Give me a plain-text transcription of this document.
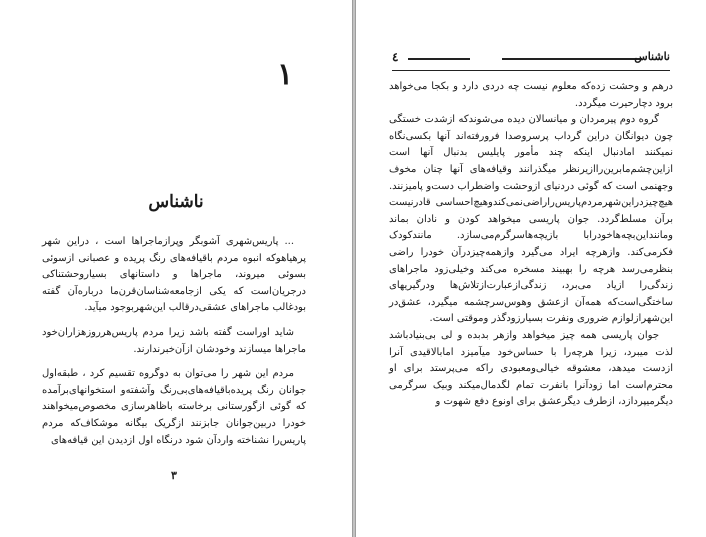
۱
ناشناس

... پاریس‌شهری آشوبگر وپرازماجراها است ، دراین شهر پرهیاهوکه انبوه مردم باقیافه‌های رنگ پریده و عصبانی ازسوئی بسوئی میروند، ماجراها و داستانهای بسیاروحشتناکی درجریان‌است که یکی ازجامعه‌شناسان‌قرن‌ما درباره‌آن گفته بودغالب ماجراهای عشقی‌درقالب این‌شهربوجود میآید.

شاید اوراست گفته باشد زیرا مردم پاریس‌هرروزهزاران‌خود ماجراها میسازند وخودشان ازآن‌خبرندارند.

مردم این شهر را می‌توان به دوگروه تقسیم کرد ، طبقه‌اول جوانان رنگ پریده‌باقیافه‌های‌بی‌رنگ وآشفته‌و استخوانهای‌برآمده که گوئی ازگورستانی برخاسته باظاهرسازی مخصوص‌میخواهند خودرا دربین‌جوانان جابزنند ازگریک بیگانه موشکاف‌که مردم پاریس‌را نشناخته واردآن شود درنگاه اول ازدیدن این قیافه‌های

۳
٤	ناشناس

درهم و وحشت زده‌که معلوم نیست چه دردی دارد و بکجا می‌خواهد برود دچارحیرت میگردد.

گروه دوم پیرمردان و میانسالان دیده می‌شوندکه ازشدت خستگی چون دیوانگان دراین گرداب پرسروصدا فرورفته‌اند آنها بکسی‌نگاه نمیکنند امادنبال اینکه چند مأمور پایلیس بدنبال آنها است ازاین‌چشم‌مابرین‌راازیرنظر میگذرانند وقیافه‌های آنها چنان مخوف وجهنمی است که گوئی دردنیای ازوحشت واضطراب دست‌و پامیزنند. هیچ‌چیزدراین‌شهرمردم‌پاریس‌راراضی‌نمی‌کندوهیچ‌احساسی قادرنیست برآن مسلط‌گردد. جوان پاریسی میخواهد کودن و نادان بماند وماننداین‌بچه‌هاخودرابا بازیچه‌هاسرگرم‌می‌سازد. مانندکودک فکرمی‌کند. وازهرچه ایراد می‌گیرد وازهمه‌چیزدرآن خودرا راضی بنظرمی‌رسد هرچه را بهبیند مسخره می‌کند وخیلی‌زود ماجراهای زندگی‌را ازیاد می‌برد، زندگی‌ازعبارت‌ازتلاش‌ها ودرگیریهای ساختگی‌است‌که همه‌آن ازعشق وهوس‌سرچشمه میگیرد، عشق‌در این‌شهرازلوازم ضروری ونفرت بسیارزودگذر وموقتی است.

جوان پاریسی همه چیز میخواهد وازهر بدبده و لی بی‌بنیادباشد لذت میبرد، زیرا هرچه‌را با حساس‌خود میآمیزد امابالاقیدی آنرا ازدست میدهد، معشوقه خیالی‌ومعبودی راکه می‌پرستد برای او محترم‌است اما زود‌آنرا بانفرت تمام لگدمال‌میکند وبیک سرگرمی دیگرمیپردازد، ازطرف دیگرعشق برای اونوع دفع شهوت و
